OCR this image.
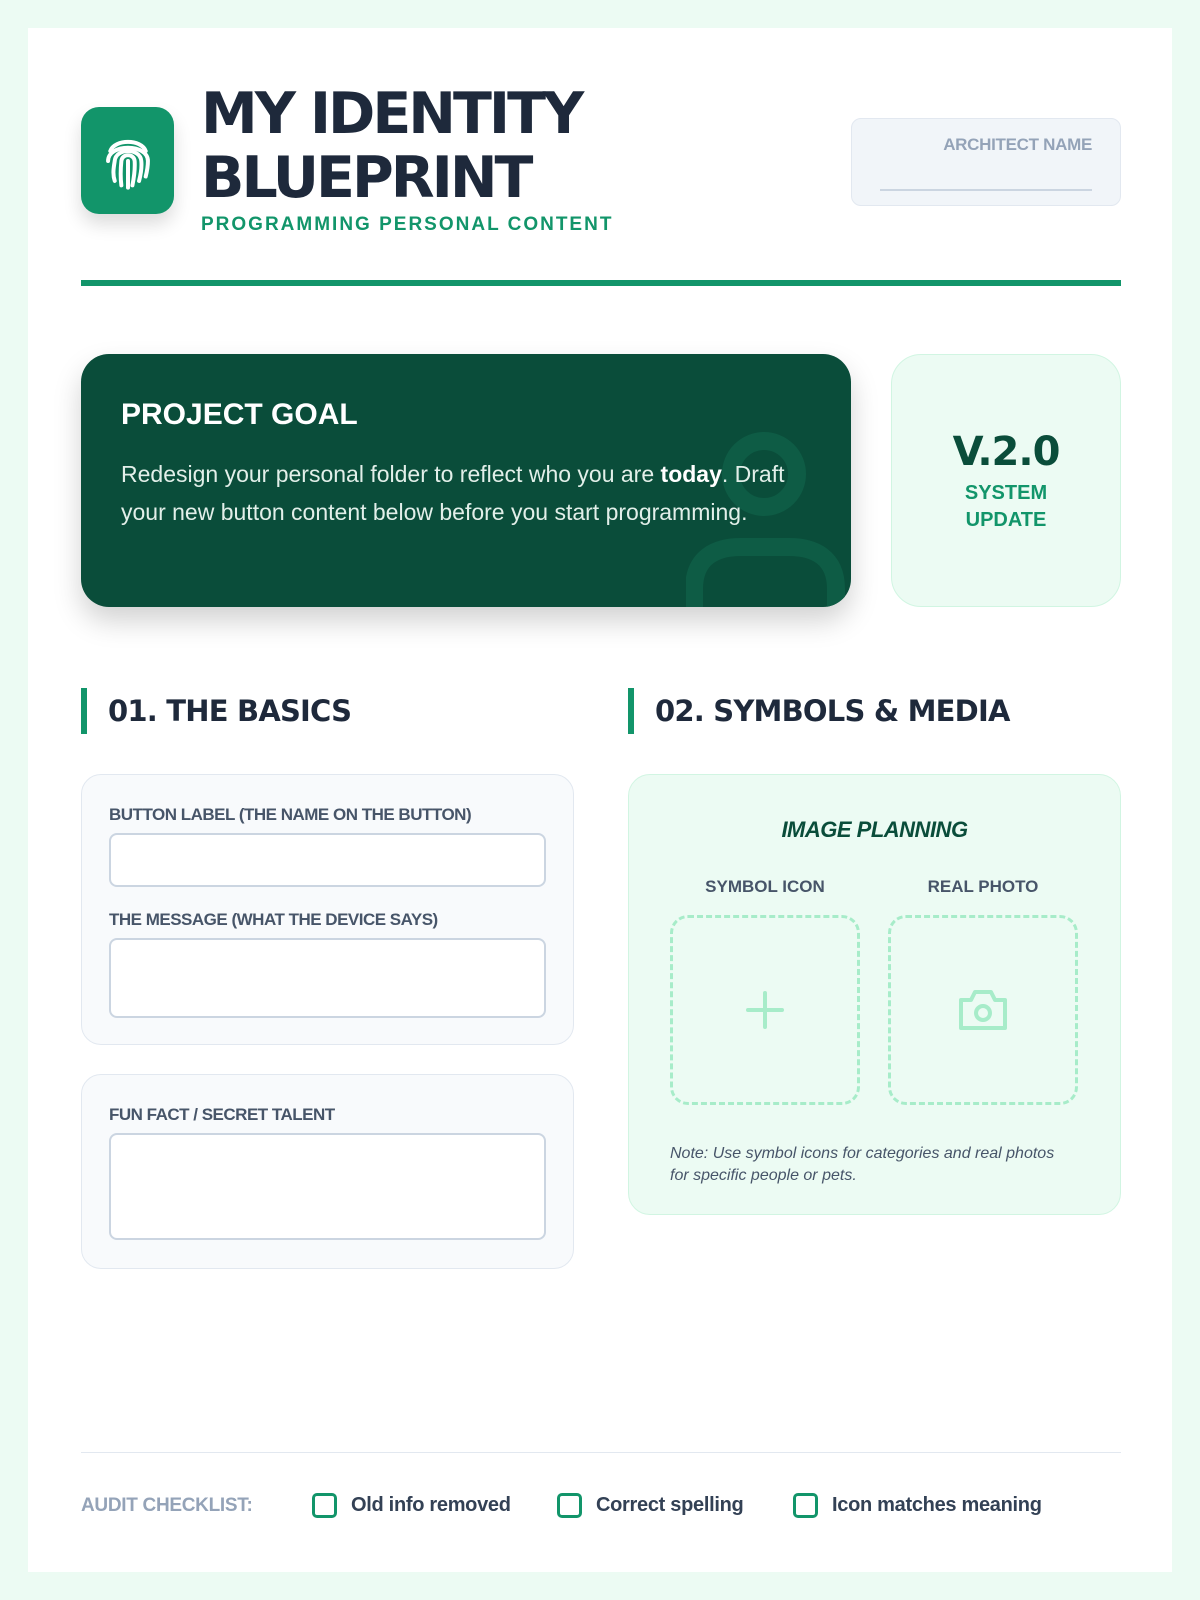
MY IDENTITY BLUEPRINT
PROGRAMMING PERSONAL CONTENT
ARCHITECT NAME
PROJECT GOAL
Redesign your personal folder to reflect who you are today. Draft your new button content below before you start programming.
V.2.0
SYSTEM UPDATE
01. THE BASICS	02. SYMBOLS & MEDIA
BUTTON LABEL (THE NAME ON THE BUTTON)
THE MESSAGE (WHAT THE DEVICE SAYS)
FUN FACT / SECRET TALENT
IMAGE PLANNING
SYMBOL ICON	REAL PHOTO
Note: Use symbol icons for categories and real photos for specific people or pets.
AUDIT CHECKLIST:	Old info removed	Correct spelling	Icon matches meaning
